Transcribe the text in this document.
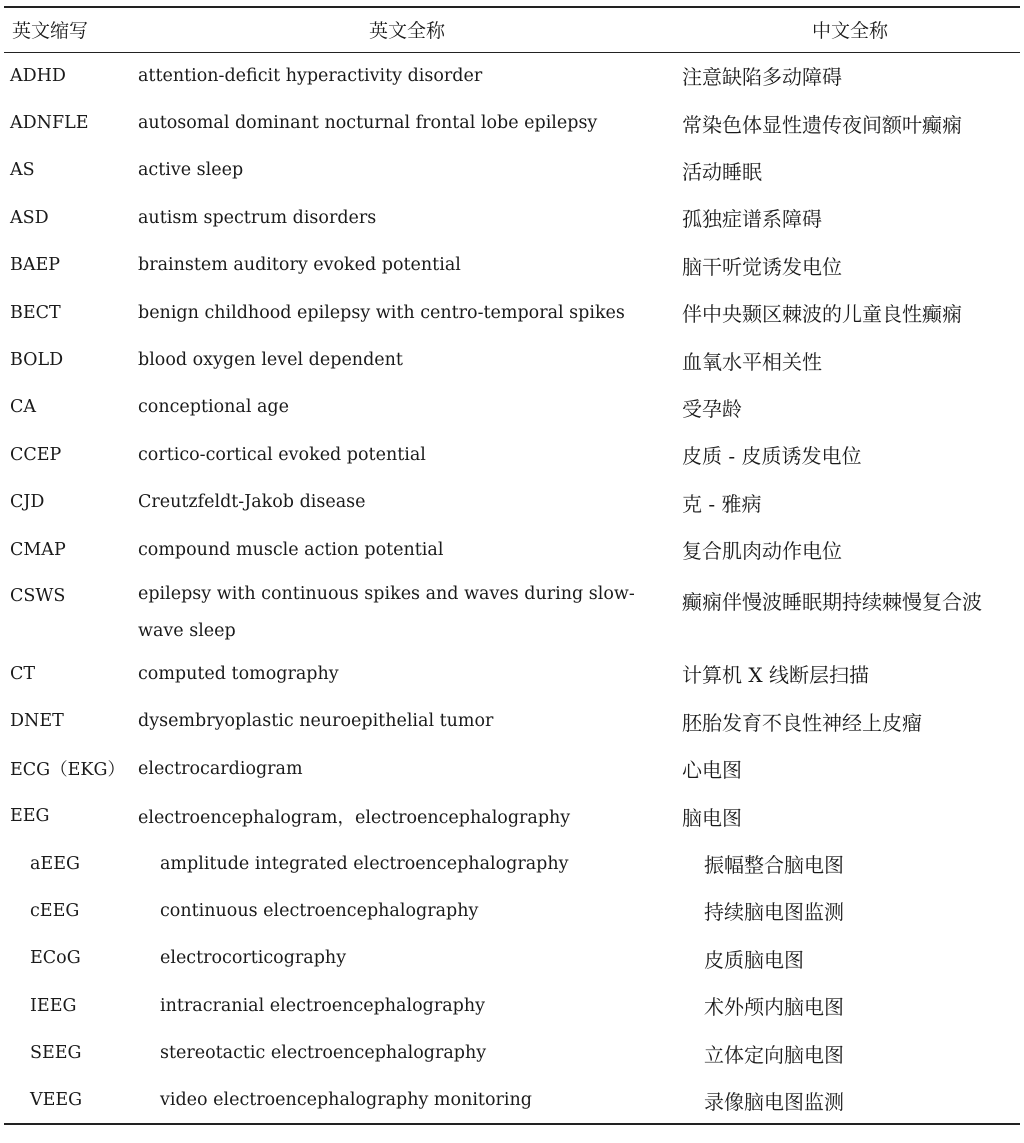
英文缩写	英文全称	中文全称
ADHD	attention-deficit hyperactivity disorder	注意缺陷多动障碍
ADNFLE	autosomal dominant nocturnal frontal lobe epilepsy	常染色体显性遗传夜间额叶癫痫
AS	active sleep	活动睡眠
ASD	autism spectrum disorders	孤独症谱系障碍
BAEP	brainstem auditory evoked potential	脑干听觉诱发电位
BECT	benign childhood epilepsy with centro-temporal spikes	伴中央颞区棘波的儿童良性癫痫
BOLD	blood oxygen level dependent	血氧水平相关性
CA	conceptional age	受孕龄
CCEP	cortico-cortical evoked potential	皮质 - 皮质诱发电位
CJD	Creutzfeldt-Jakob disease	克 - 雅病
CMAP	compound muscle action potential	复合肌肉动作电位
CSWS	epilepsy with continuous spikes and waves during slow-wave sleep	癫痫伴慢波睡眠期持续棘慢复合波
CT	computed tomography	计算机 X 线断层扫描
DNET	dysembryoplastic neuroepithelial tumor	胚胎发育不良性神经上皮瘤
ECG（EKG）	electrocardiogram	心电图
EEG	electroencephalogram，electroencephalography	脑电图
aEEG	amplitude integrated electroencephalography	振幅整合脑电图
cEEG	continuous electroencephalography	持续脑电图监测
ECoG	electrocorticography	皮质脑电图
IEEG	intracranial electroencephalography	术外颅内脑电图
SEEG	stereotactic electroencephalography	立体定向脑电图
VEEG	video electroencephalography monitoring	录像脑电图监测
